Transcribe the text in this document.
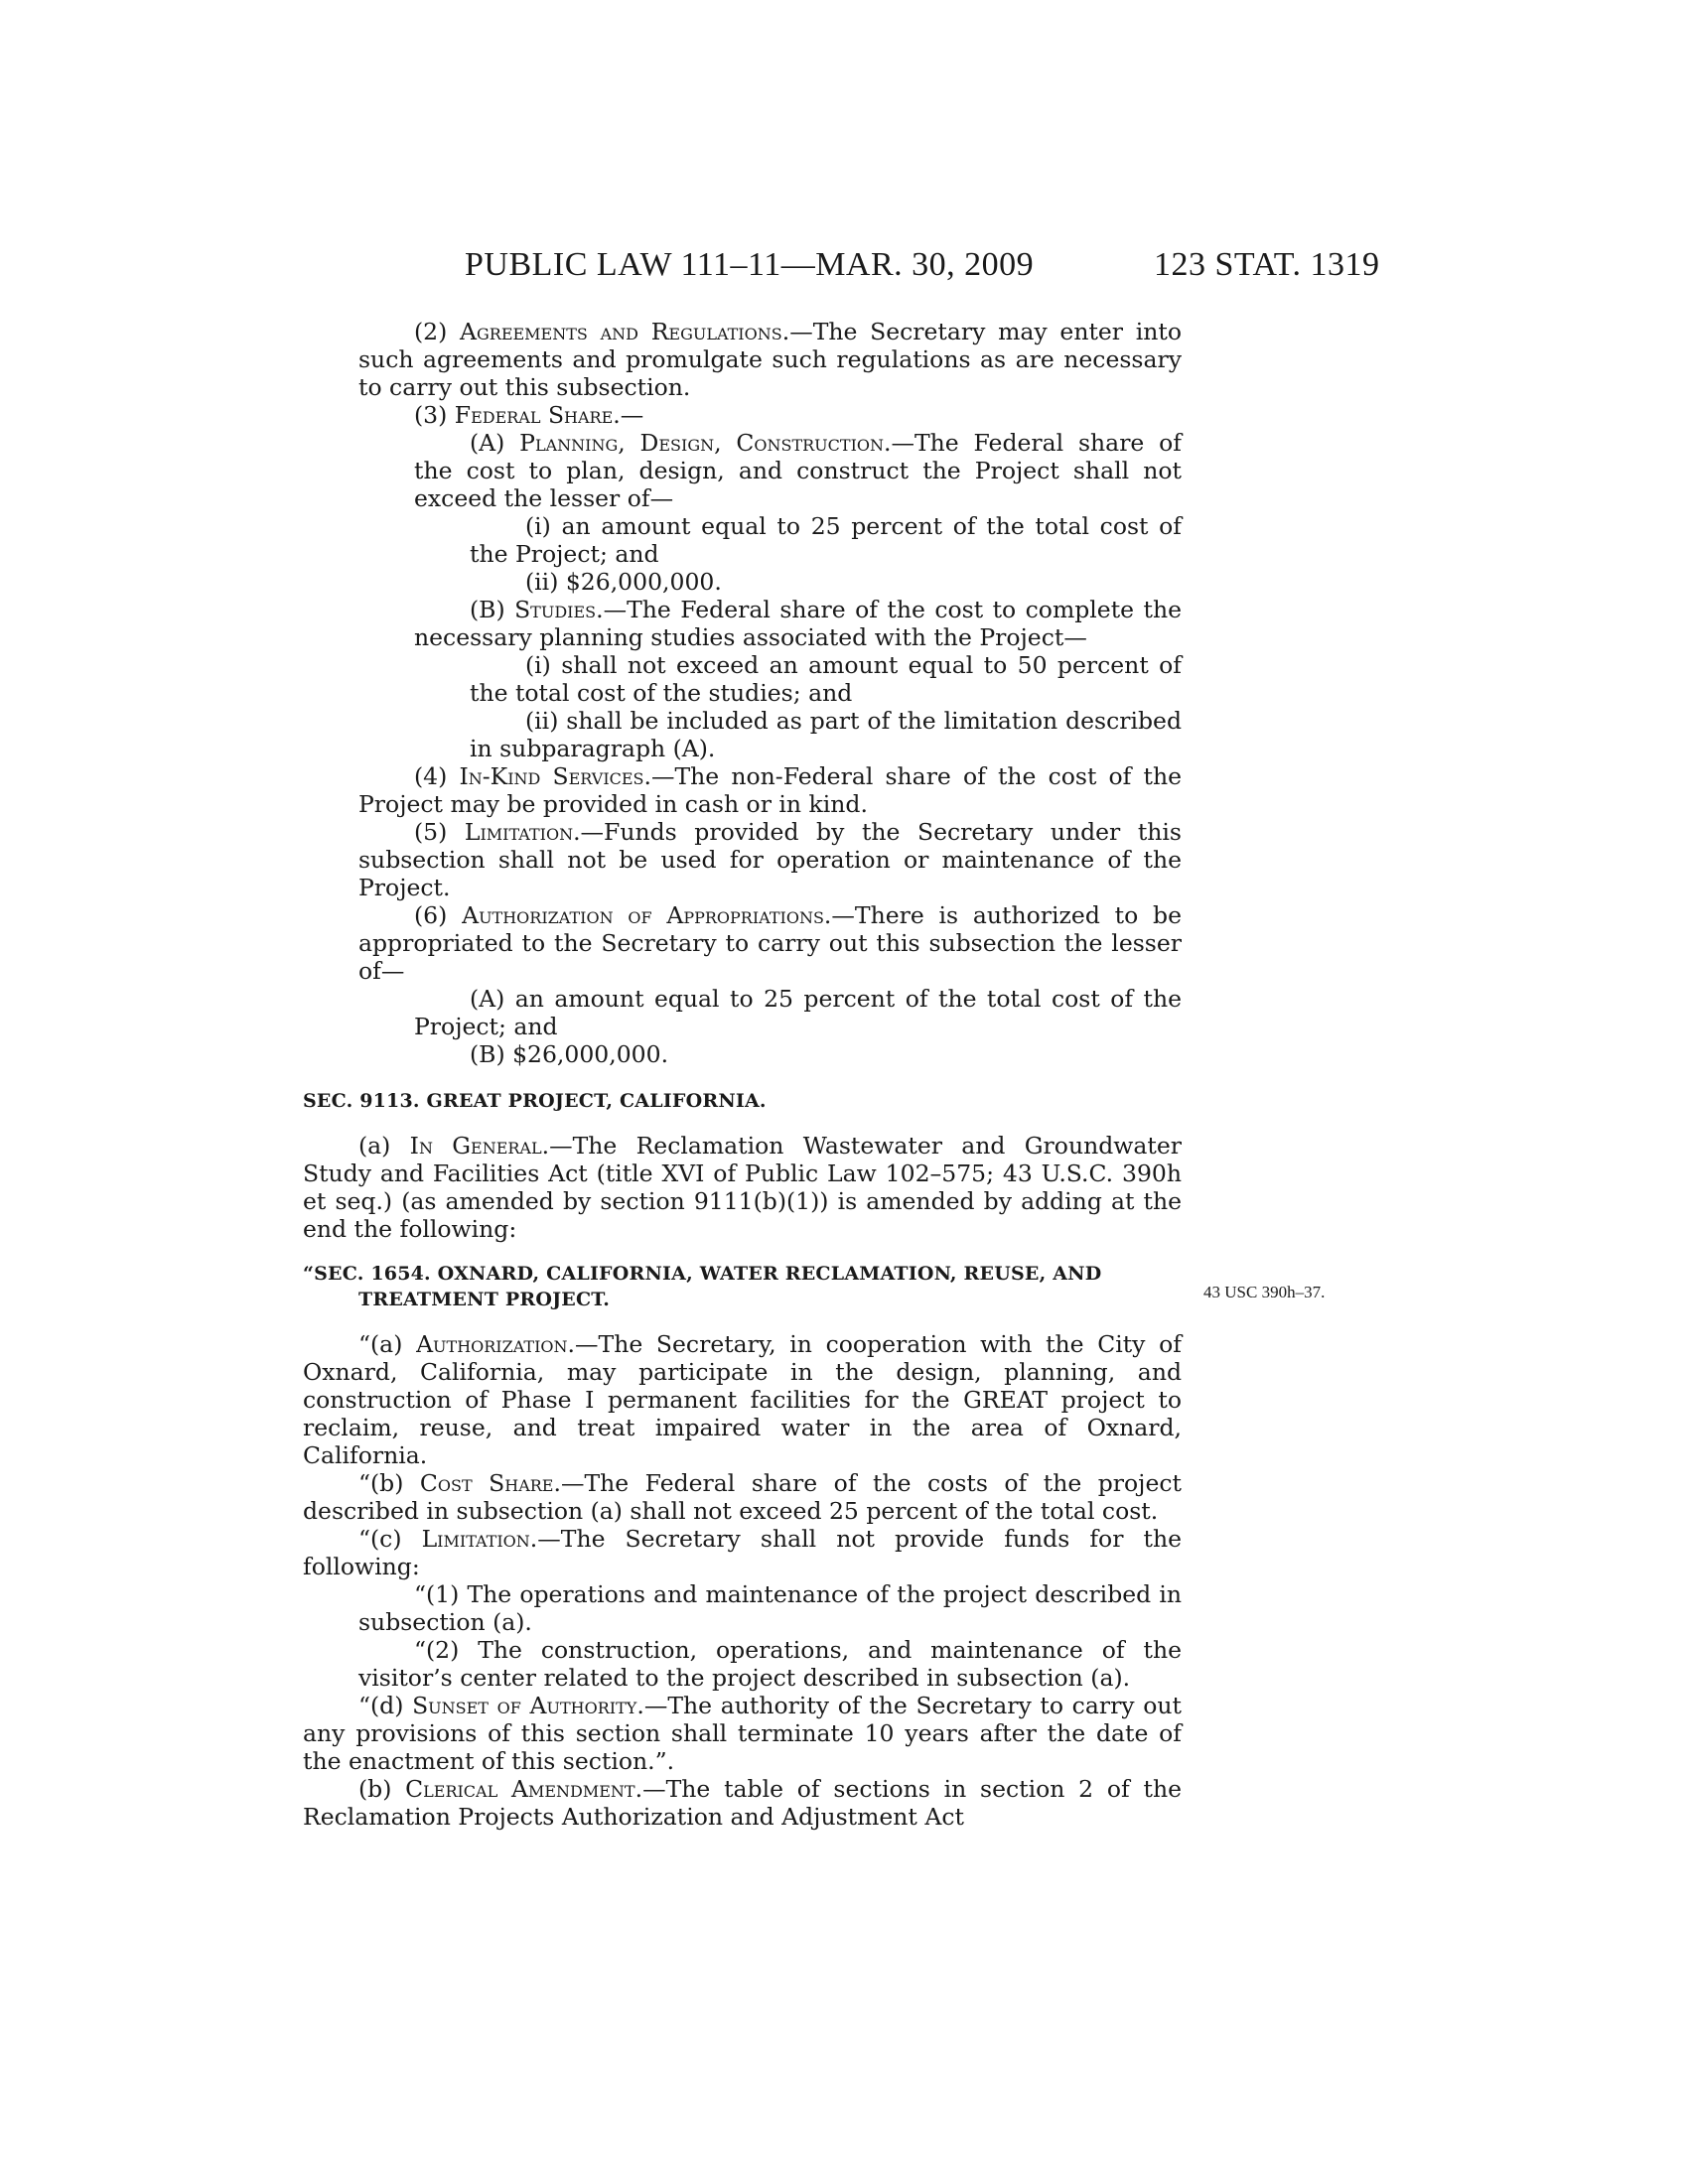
PUBLIC LAW 111–11—MAR. 30, 2009	123 STAT. 1319
43 USC 390h–37.

(2) Agreements and Regulations.—The Secretary may enter into such agreements and promulgate such regulations as are necessary to carry out this subsection.

(3) Federal Share.—

(A) Planning, Design, Construction.—The Federal share of the cost to plan, design, and construct the Project shall not exceed the lesser of—

(i) an amount equal to 25 percent of the total cost of the Project; and

(ii) $26,000,000.

(B) Studies.—The Federal share of the cost to complete the necessary planning studies associated with the Project—

(i) shall not exceed an amount equal to 50 percent of the total cost of the studies; and

(ii) shall be included as part of the limitation described in subparagraph (A).

(4) In-Kind Services.—The non-Federal share of the cost of the Project may be provided in cash or in kind.

(5) Limitation.—Funds provided by the Secretary under this subsection shall not be used for operation or maintenance of the Project.

(6) Authorization of Appropriations.—There is authorized to be appropriated to the Secretary to carry out this subsection the lesser of—

(A) an amount equal to 25 percent of the total cost of the Project; and

(B) $26,000,000.

SEC. 9113. GREAT PROJECT, CALIFORNIA.

(a) In General.—The Reclamation Wastewater and Groundwater Study and Facilities Act (title XVI of Public Law 102–575; 43 U.S.C. 390h et seq.) (as amended by section 9111(b)(1)) is amended by adding at the end the following:

“SEC. 1654. OXNARD, CALIFORNIA, WATER RECLAMATION, REUSE, AND
TREATMENT PROJECT.

“(a) Authorization.—The Secretary, in cooperation with the City of Oxnard, California, may participate in the design, planning, and construction of Phase I permanent facilities for the GREAT project to reclaim, reuse, and treat impaired water in the area of Oxnard, California.

“(b) Cost Share.—The Federal share of the costs of the project described in subsection (a) shall not exceed 25 percent of the total cost.

“(c) Limitation.—The Secretary shall not provide funds for the following:

“(1) The operations and maintenance of the project described in subsection (a).

“(2) The construction, operations, and maintenance of the visitor’s center related to the project described in subsection (a).

“(d) Sunset of Authority.—The authority of the Secretary to carry out any provisions of this section shall terminate 10 years after the date of the enactment of this section.”.

(b) Clerical Amendment.—The table of sections in section 2 of the Reclamation Projects Authorization and Adjustment Act
